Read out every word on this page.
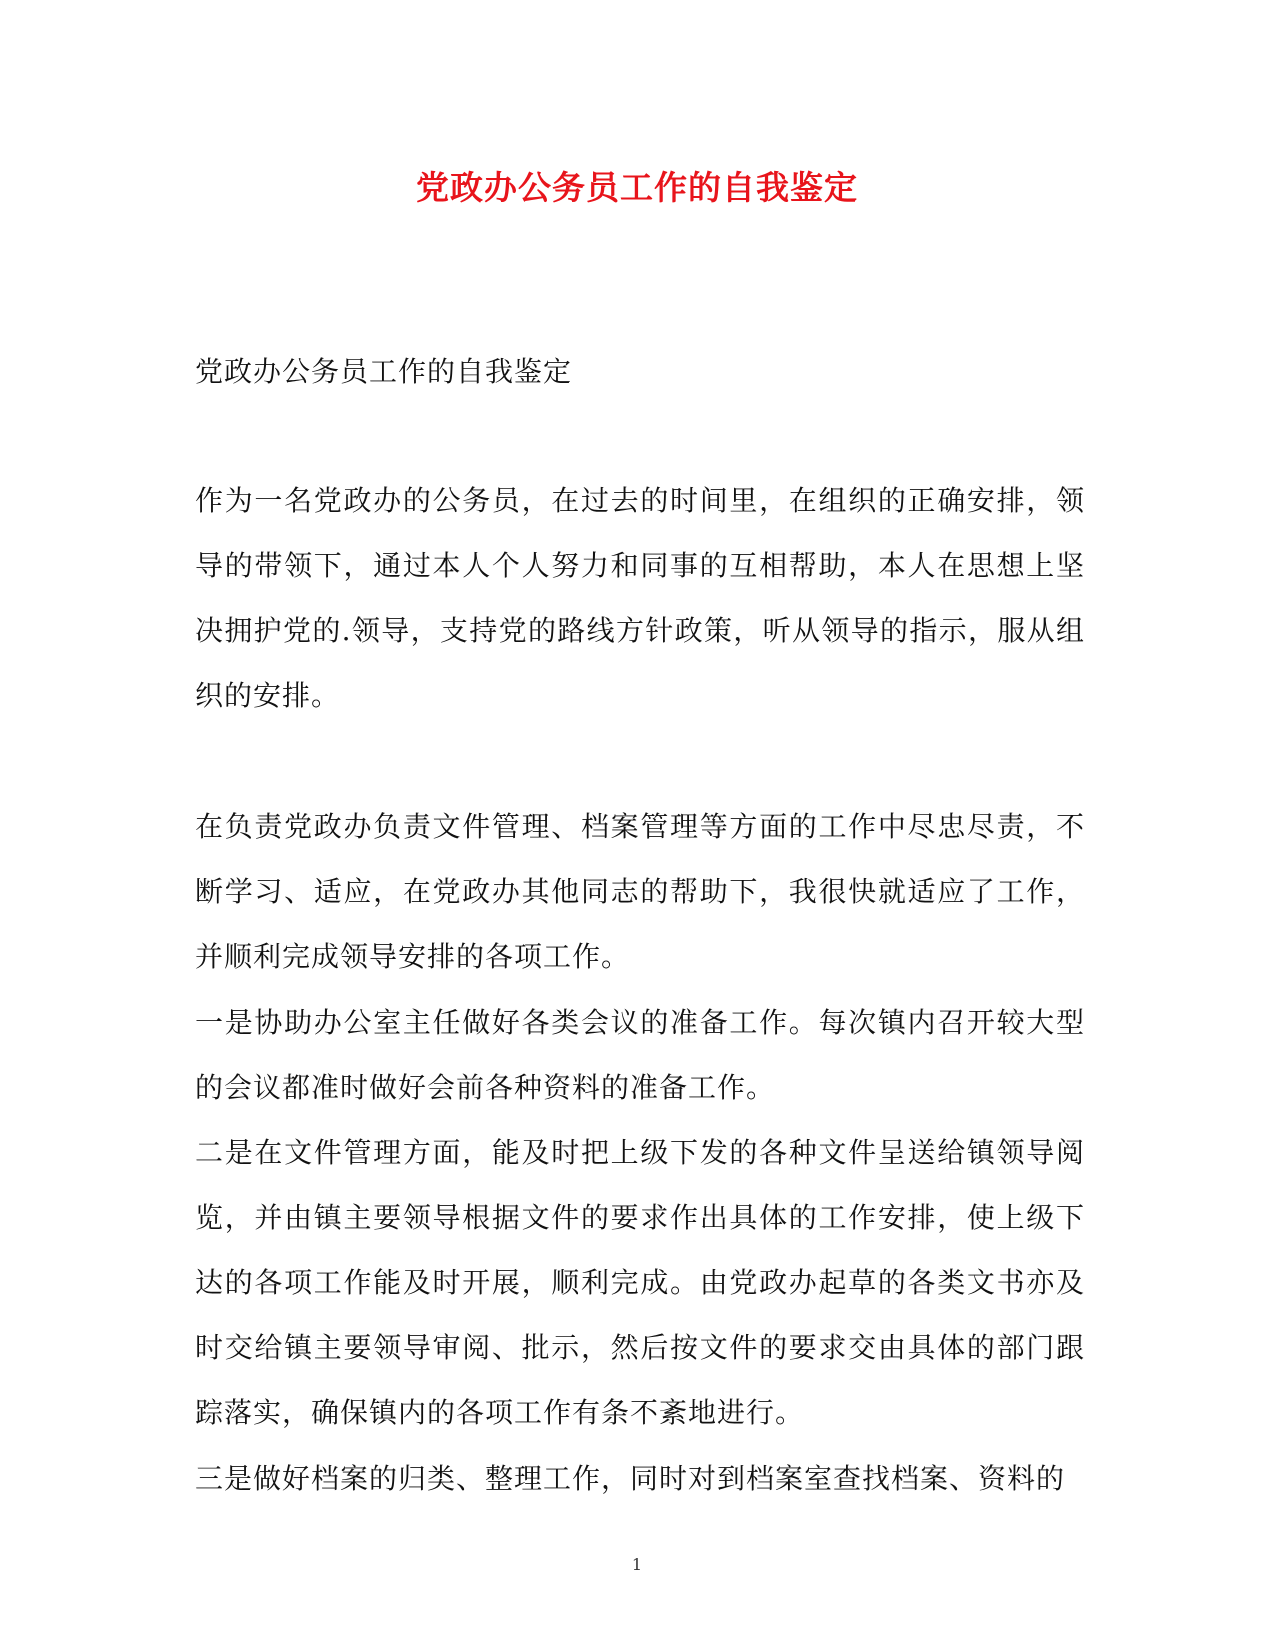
党政办公务员工作的自我鉴定
党政办公务员工作的自我鉴定
作为一名党政办的公务员，在过去的时间里，在组织的正确安排，领导的带领下，通过本人个人努力和同事的互相帮助，本人在思想上坚决拥护党的.领导，支持党的路线方针政策，听从领导的指示，服从组织的安排。
在负责党政办负责文件管理、档案管理等方面的工作中尽忠尽责，不断学习、适应，在党政办其他同志的帮助下，我很快就适应了工作，并顺利完成领导安排的各项工作。
一是协助办公室主任做好各类会议的准备工作。每次镇内召开较大型的会议都准时做好会前各种资料的准备工作。
二是在文件管理方面，能及时把上级下发的各种文件呈送给镇领导阅览，并由镇主要领导根据文件的要求作出具体的工作安排，使上级下达的各项工作能及时开展，顺利完成。由党政办起草的各类文书亦及时交给镇主要领导审阅、批示，然后按文件的要求交由具体的部门跟踪落实，确保镇内的各项工作有条不紊地进行。
三是做好档案的归类、整理工作，同时对到档案室查找档案、资料的
1
